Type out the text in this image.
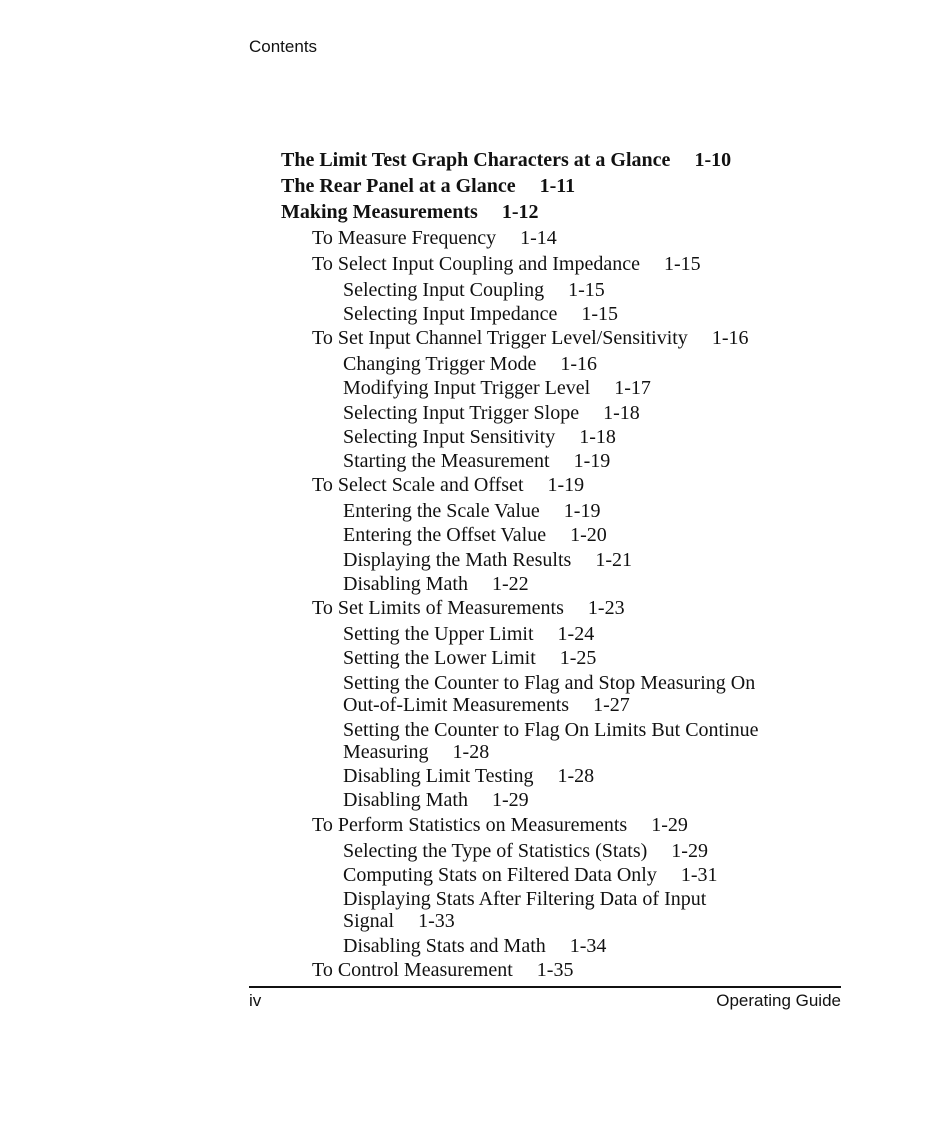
Contents
The Limit Test Graph Characters at a Glance 1-10
The Rear Panel at a Glance 1-11
Making Measurements 1-12
To Measure Frequency 1-14
To Select Input Coupling and Impedance 1-15
Selecting Input Coupling 1-15
Selecting Input Impedance 1-15
To Set Input Channel Trigger Level/Sensitivity 1-16
Changing Trigger Mode 1-16
Modifying Input Trigger Level 1-17
Selecting Input Trigger Slope 1-18
Selecting Input Sensitivity 1-18
Starting the Measurement 1-19
To Select Scale and Offset 1-19
Entering the Scale Value 1-19
Entering the Offset Value 1-20
Displaying the Math Results 1-21
Disabling Math 1-22
To Set Limits of Measurements 1-23
Setting the Upper Limit 1-24
Setting the Lower Limit 1-25
Setting the Counter to Flag and Stop Measuring On
Out-of-Limit Measurements 1-27
Setting the Counter to Flag On Limits But Continue
Measuring 1-28
Disabling Limit Testing 1-28
Disabling Math 1-29
To Perform Statistics on Measurements 1-29
Selecting the Type of Statistics (Stats) 1-29
Computing Stats on Filtered Data Only 1-31
Displaying Stats After Filtering Data of Input
Signal 1-33
Disabling Stats and Math 1-34
To Control Measurement 1-35
iv	Operating Guide
